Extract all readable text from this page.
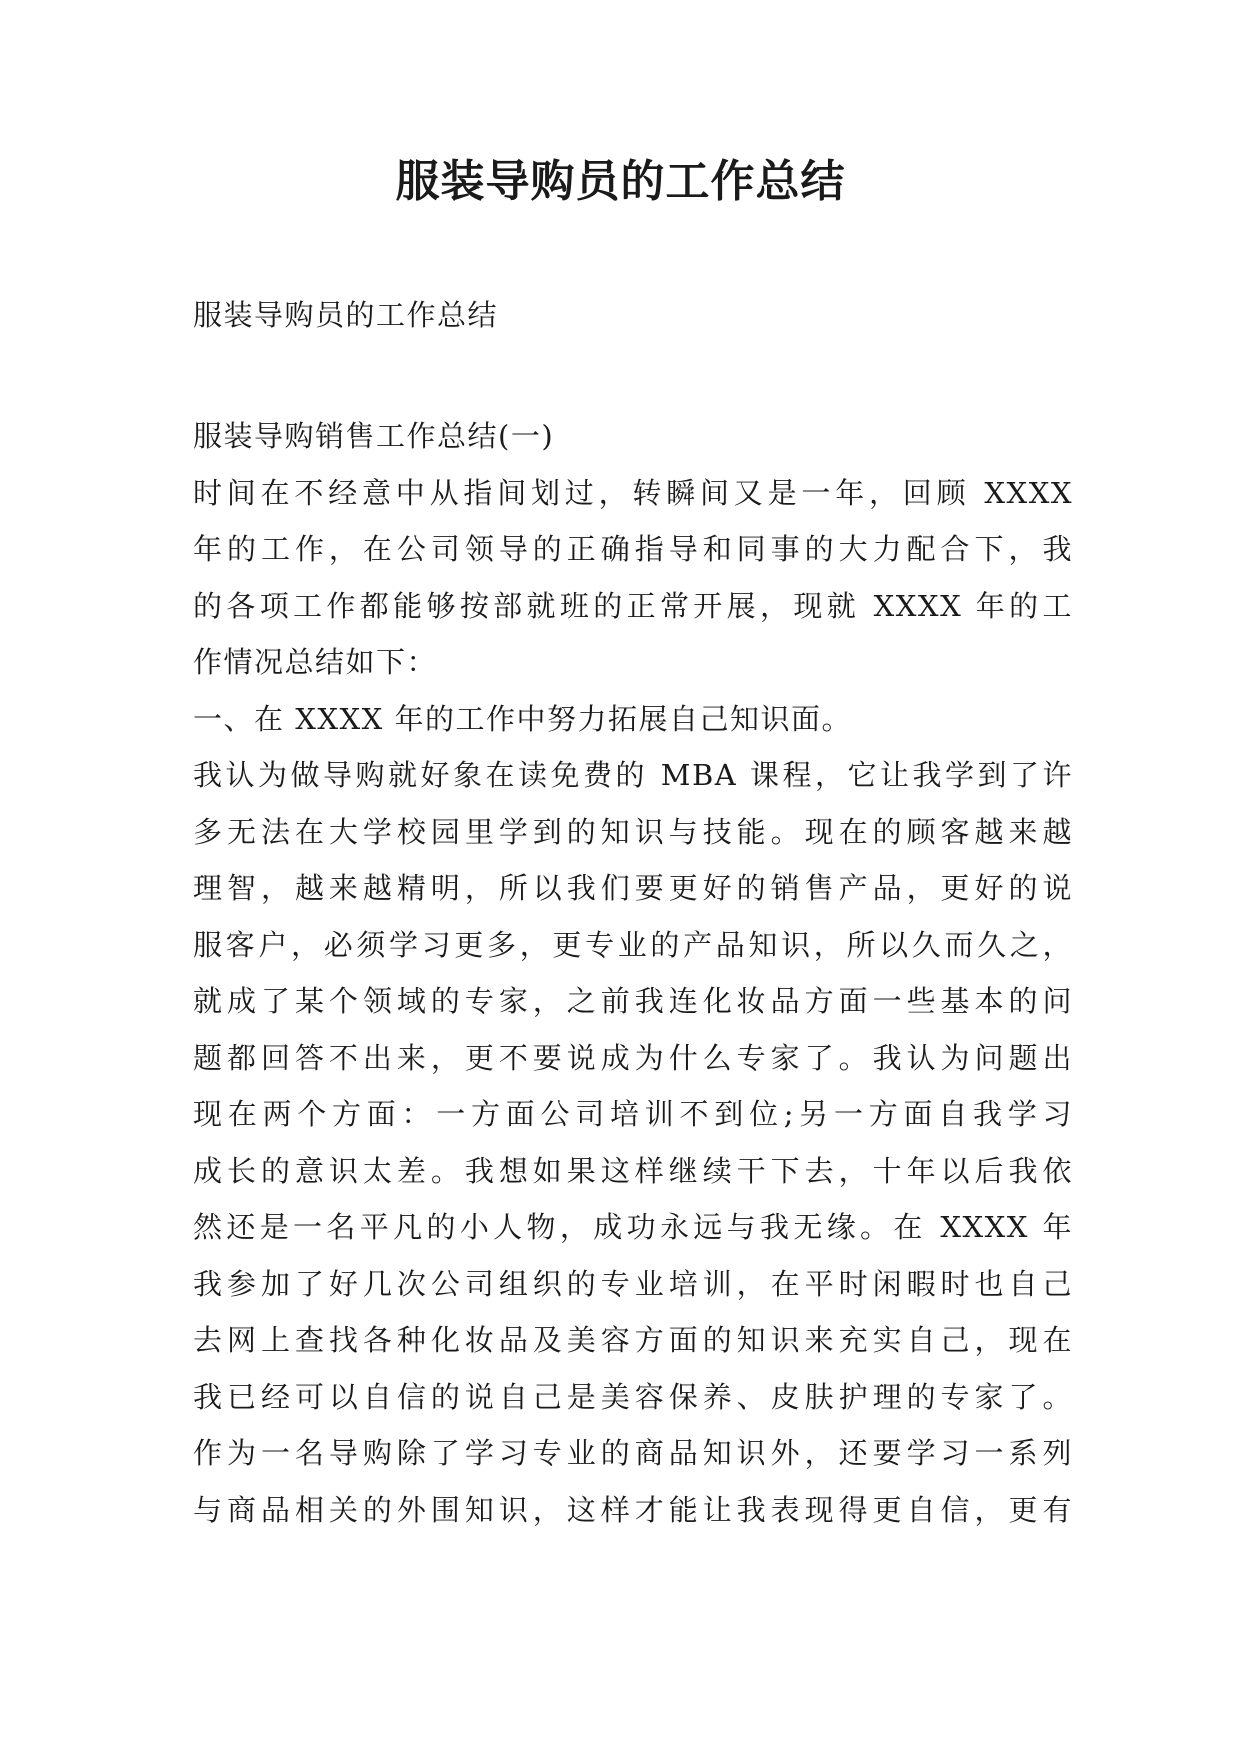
服装导购员的工作总结

服装导购员的工作总结

服装导购销售工作总结(一)
时间在不经意中从指间划过，转瞬间又是一年，回顾 XXXX
年的工作，在公司领导的正确指导和同事的大力配合下，我
的各项工作都能够按部就班的正常开展，现就 XXXX 年的工
作情况总结如下：
一、在 XXXX 年的工作中努力拓展自己知识面。
我认为做导购就好象在读免费的 MBA 课程，它让我学到了许
多无法在大学校园里学到的知识与技能。现在的顾客越来越
理智，越来越精明，所以我们要更好的销售产品，更好的说
服客户，必须学习更多，更专业的产品知识，所以久而久之，
就成了某个领域的专家，之前我连化妆品方面一些基本的问
题都回答不出来，更不要说成为什么专家了。我认为问题出
现在两个方面：一方面公司培训不到位;另一方面自我学习
成长的意识太差。我想如果这样继续干下去，十年以后我依
然还是一名平凡的小人物，成功永远与我无缘。在 XXXX 年
我参加了好几次公司组织的专业培训，在平时闲暇时也自己
去网上查找各种化妆品及美容方面的知识来充实自己，现在
我已经可以自信的说自己是美容保养、皮肤护理的专家了。
作为一名导购除了学习专业的商品知识外，还要学习一系列
与商品相关的外围知识，这样才能让我表现得更自信，更有
